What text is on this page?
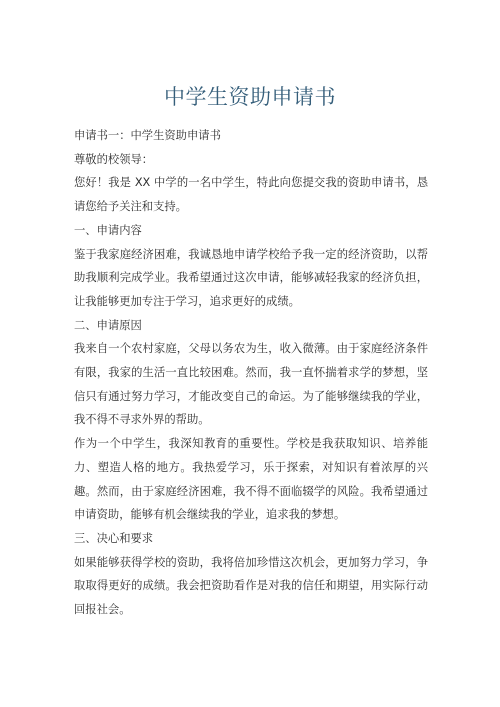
中学生资助申请书

申请书一：中学生资助申请书

尊敬的校领导：

您好！我是 XX 中学的一名中学生，特此向您提交我的资助申请书，恳请您给予关注和支持。

一、申请内容

鉴于我家庭经济困难，我诚恳地申请学校给予我一定的经济资助，以帮助我顺利完成学业。我希望通过这次申请，能够减轻我家的经济负担，让我能够更加专注于学习，追求更好的成绩。

二、申请原因

我来自一个农村家庭，父母以务农为生，收入微薄。由于家庭经济条件有限，我家的生活一直比较困难。然而，我一直怀揣着求学的梦想，坚信只有通过努力学习，才能改变自己的命运。为了能够继续我的学业，我不得不寻求外界的帮助。

作为一个中学生，我深知教育的重要性。学校是我获取知识、培养能力、塑造人格的地方。我热爱学习，乐于探索，对知识有着浓厚的兴趣。然而，由于家庭经济困难，我不得不面临辍学的风险。我希望通过申请资助，能够有机会继续我的学业，追求我的梦想。

三、决心和要求

如果能够获得学校的资助，我将倍加珍惜这次机会，更加努力学习，争取取得更好的成绩。我会把资助看作是对我的信任和期望，用实际行动回报社会。
